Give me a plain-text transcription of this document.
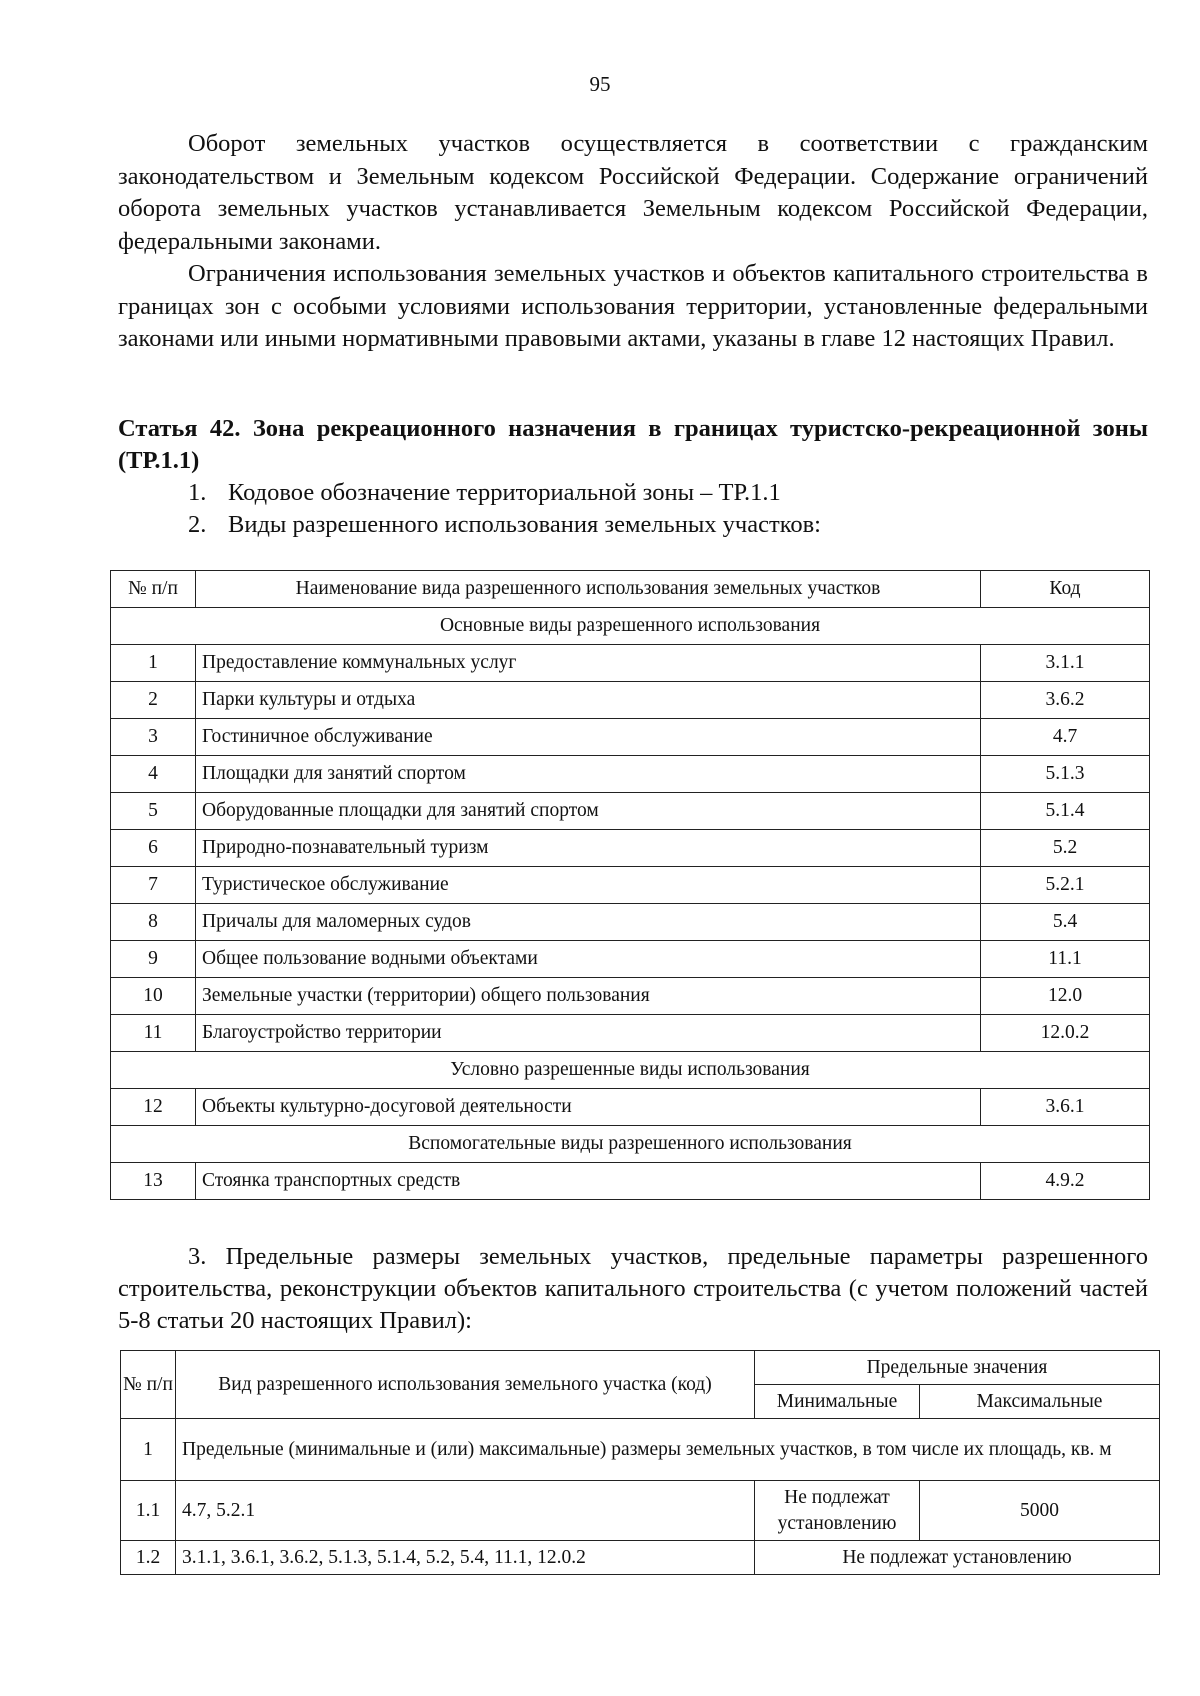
95

Оборот земельных участков осуществляется в соответствии с гражданским законодательством и Земельным кодексом Российской Федерации. Содержание ограничений оборота земельных участков устанавливается Земельным кодексом Российской Федерации, федеральными законами.

Ограничения использования земельных участков и объектов капитального строительства в границах зон с особыми условиями использования территории, установленные федеральными законами или иными нормативными правовыми актами, указаны в главе 12 настоящих Правил.

Статья 42. Зона рекреационного назначения в границах туристско-рекреационной зоны (ТР.1.1)

1. Кодовое обозначение территориальной зоны – ТР.1.1

2. Виды разрешенного использования земельных участков:

№ п/п	Наименование вида разрешенного использования земельных участков	Код
Основные виды разрешенного использования		
1	Предоставление коммунальных услуг	3.1.1
2	Парки культуры и отдыха	3.6.2
3	Гостиничное обслуживание	4.7
4	Площадки для занятий спортом	5.1.3
5	Оборудованные площадки для занятий спортом	5.1.4
6	Природно-познавательный туризм	5.2
7	Туристическое обслуживание	5.2.1
8	Причалы для маломерных судов	5.4
9	Общее пользование водными объектами	11.1
10	Земельные участки (территории) общего пользования	12.0
11	Благоустройство территории	12.0.2
Условно разрешенные виды использования		
12	Объекты культурно-досуговой деятельности	3.6.1
Вспомогательные виды разрешенного использования		
13	Стоянка транспортных средств	4.9.2

3. Предельные размеры земельных участков, предельные параметры разрешенного строительства, реконструкции объектов капитального строительства (с учетом положений частей 5-8 статьи 20 настоящих Правил):

№ п/п	Вид разрешенного использования земельного участка (код)	Предельные значения	
		Минимальные	Максимальные
1	Предельные (минимальные и (или) максимальные) размеры земельных участков, в том числе их площадь, кв. м		
1.1	4.7, 5.2.1	Не подлежат установлению	5000
1.2	3.1.1, 3.6.1, 3.6.2, 5.1.3, 5.1.4, 5.2, 5.4, 11.1, 12.0.2	Не подлежат установлению	
